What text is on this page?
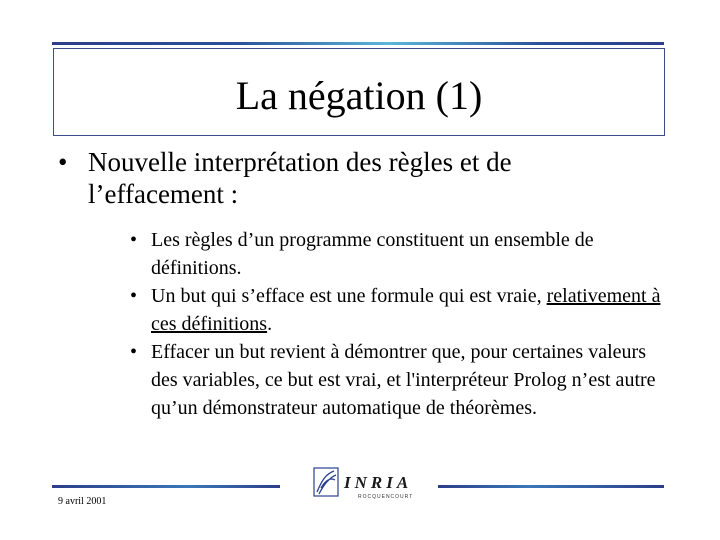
La négation (1)
• Nouvelle interprétation des règles et de l’effacement :
• Les règles d’un programme constituent un ensemble de définitions.
• Un but qui s’efface est une formule qui est vraie, relativement à ces définitions.
• Effacer un but revient à démontrer que, pour certaines valeurs des variables, ce but est vrai, et l'interpréteur Prolog n’est autre qu’un démonstrateur automatique de théorèmes.
9 avril 2001
INRIA
ROCQUENCOURT
